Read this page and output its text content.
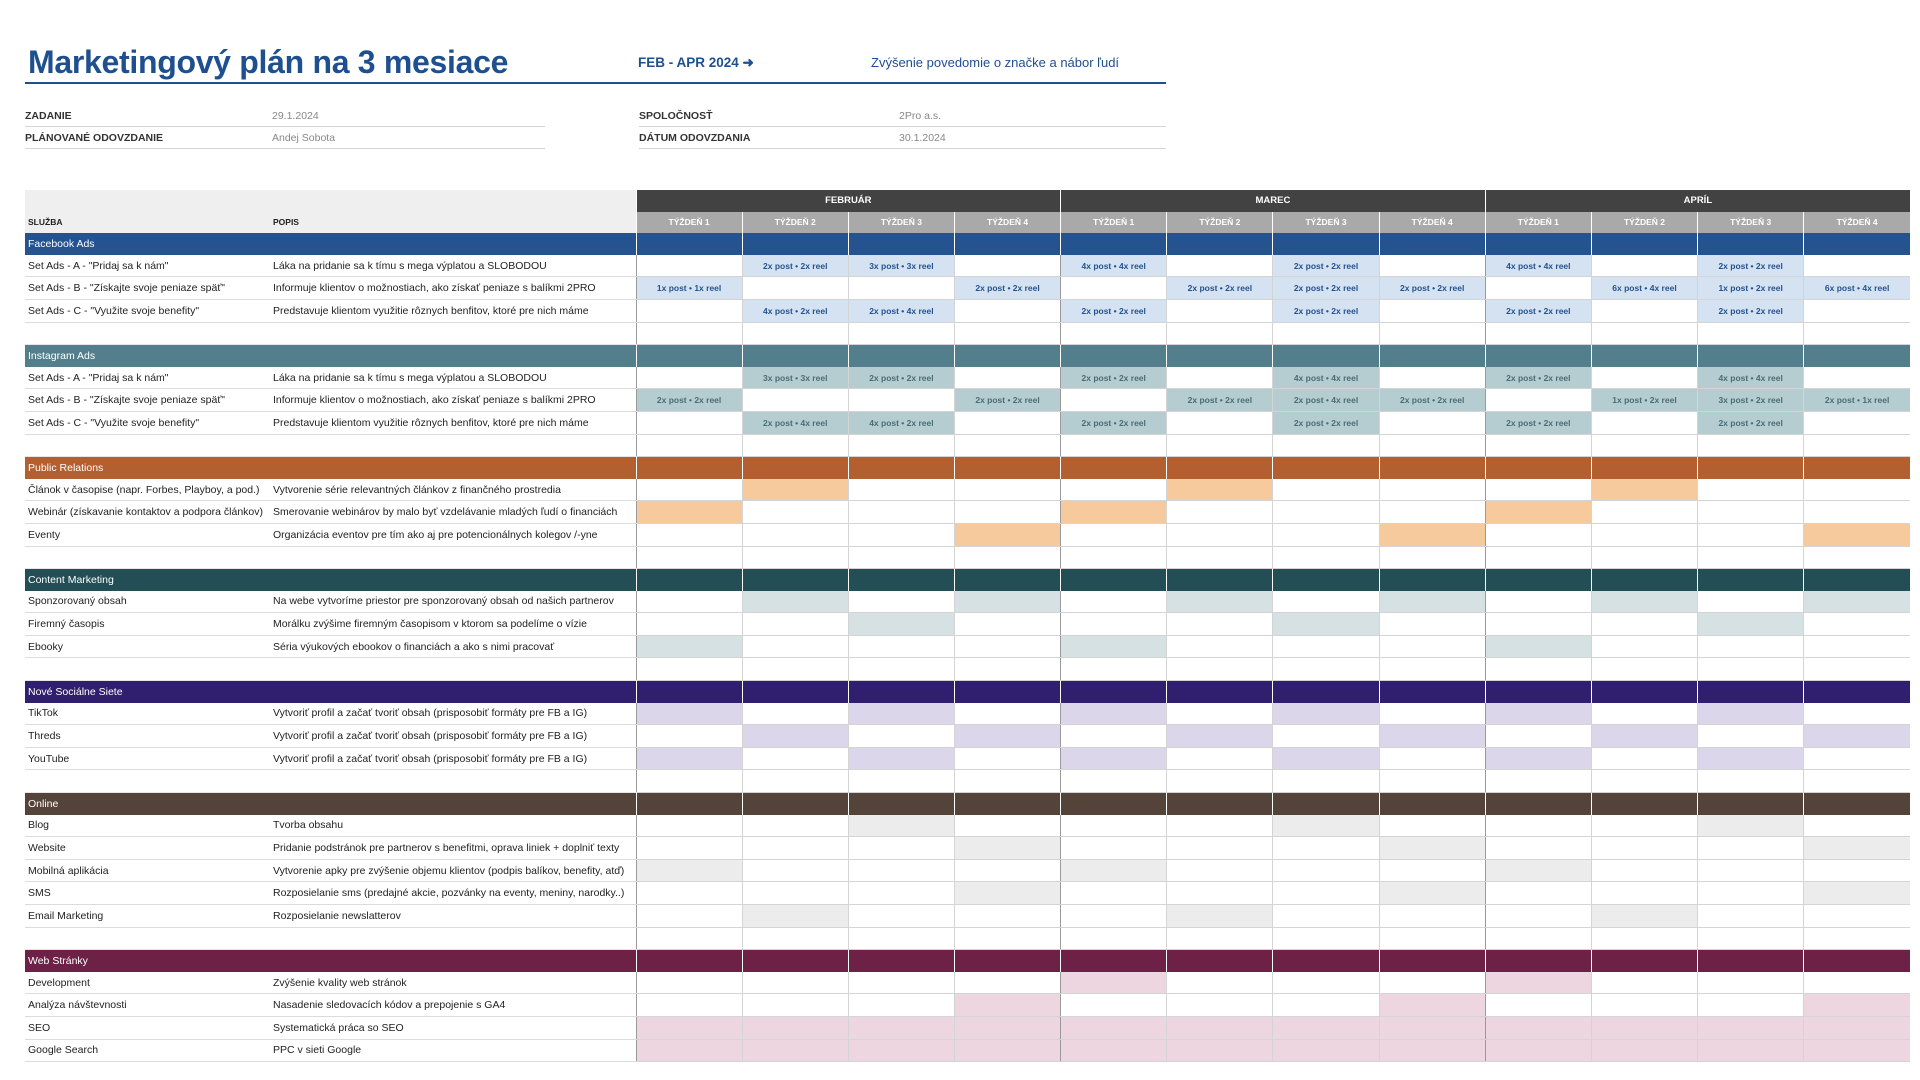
Marketingový plán na 3 mesiace	FEB - APR 2024 ➜	Zvýšenie povedomie o značke a nábor ľudí
ZADANIE	29.1.2024
PLÁNOVANÉ ODOVZDANIE	Andej Sobota
SPOLOČNOSŤ	2Pro a.s.
DÁTUM ODOVZDANIA	30.1.2024
SLUŽBA	POPIS	FEBRUÁR				MAREC				APRÍL			
		TÝŽDEŇ 1	TÝŽDEŇ 2	TÝŽDEŇ 3	TÝŽDEŇ 4	TÝŽDEŇ 1	TÝŽDEŇ 2	TÝŽDEŇ 3	TÝŽDEŇ 4	TÝŽDEŇ 1	TÝŽDEŇ 2	TÝŽDEŇ 3	TÝŽDEŇ 4
Facebook Ads													
Set Ads - A - "Pridaj sa k nám"	Láka na pridanie sa k tímu s mega výplatou a SLOBODOU		2x post • 2x reel	3x post • 3x reel		4x post • 4x reel		2x post • 2x reel		4x post • 4x reel		2x post • 2x reel	
Set Ads - B - "Získajte svoje peniaze späť"	Informuje klientov o možnostiach, ako získať peniaze s balíkmi 2PRO	1x post • 1x reel			2x post • 2x reel		2x post • 2x reel	2x post • 2x reel	2x post • 2x reel		6x post • 4x reel	1x post • 2x reel	6x post • 4x reel
Set Ads - C - "Využite svoje benefity"	Predstavuje klientom využitie rôznych benfitov, ktoré pre nich máme		4x post • 2x reel	2x post • 4x reel		2x post • 2x reel		2x post • 2x reel		2x post • 2x reel		2x post • 2x reel	

Instagram Ads													
Set Ads - A - "Pridaj sa k nám"	Láka na pridanie sa k tímu s mega výplatou a SLOBODOU		3x post • 3x reel	2x post • 2x reel		2x post • 2x reel		4x post • 4x reel		2x post • 2x reel		4x post • 4x reel	
Set Ads - B - "Získajte svoje peniaze späť"	Informuje klientov o možnostiach, ako získať peniaze s balíkmi 2PRO	2x post • 2x reel			2x post • 2x reel		2x post • 2x reel	2x post • 4x reel	2x post • 2x reel		1x post • 2x reel	3x post • 2x reel	2x post • 1x reel
Set Ads - C - "Využite svoje benefity"	Predstavuje klientom využitie rôznych benfitov, ktoré pre nich máme		2x post • 4x reel	4x post • 2x reel		2x post • 2x reel		2x post • 2x reel		2x post • 2x reel		2x post • 2x reel	

Public Relations													
Článok v časopise (napr. Forbes, Playboy, a pod.)	Vytvorenie série relevantných článkov z finančného prostredia												
Webinár (získavanie kontaktov a podpora článkov)	Smerovanie webinárov by malo byť vzdelávanie mladých ľudí o financiách												
Eventy	Organizácia eventov pre tím ako aj pre potencionálnych kolegov /-yne												

Content Marketing													
Sponzorovaný obsah	Na webe vytvoríme priestor pre sponzorovaný obsah od našich partnerov												
Firemný časopis	Morálku zvýšime firemným časopisom v ktorom sa podelíme o vízie												
Ebooky	Séria výukových ebookov o financiách a ako s nimi pracovať												

Nové Sociálne Siete													
TikTok	Vytvoriť profil a začať tvoriť obsah (prisposobiť formáty pre FB a IG)												
Threds	Vytvoriť profil a začať tvoriť obsah (prisposobiť formáty pre FB a IG)												
YouTube	Vytvoriť profil a začať tvoriť obsah (prisposobiť formáty pre FB a IG)												

Online													
Blog	Tvorba obsahu												
Website	Pridanie podstránok pre partnerov s benefitmi, oprava liniek + doplniť texty												
Mobilná aplikácia	Vytvorenie apky pre zvýšenie objemu klientov (podpis balíkov, benefity, atď)												
SMS	Rozposielanie sms (predajné akcie, pozvánky na eventy, meniny, narodky..)												
Email Marketing	Rozposielanie newslatterov												

Web Stránky													
Development	Zvýšenie kvality web stránok												
Analýza návštevnosti	Nasadenie sledovacích kódov a prepojenie s GA4												
SEO	Systematická práca so SEO												
Google Search	PPC v sieti Google												
